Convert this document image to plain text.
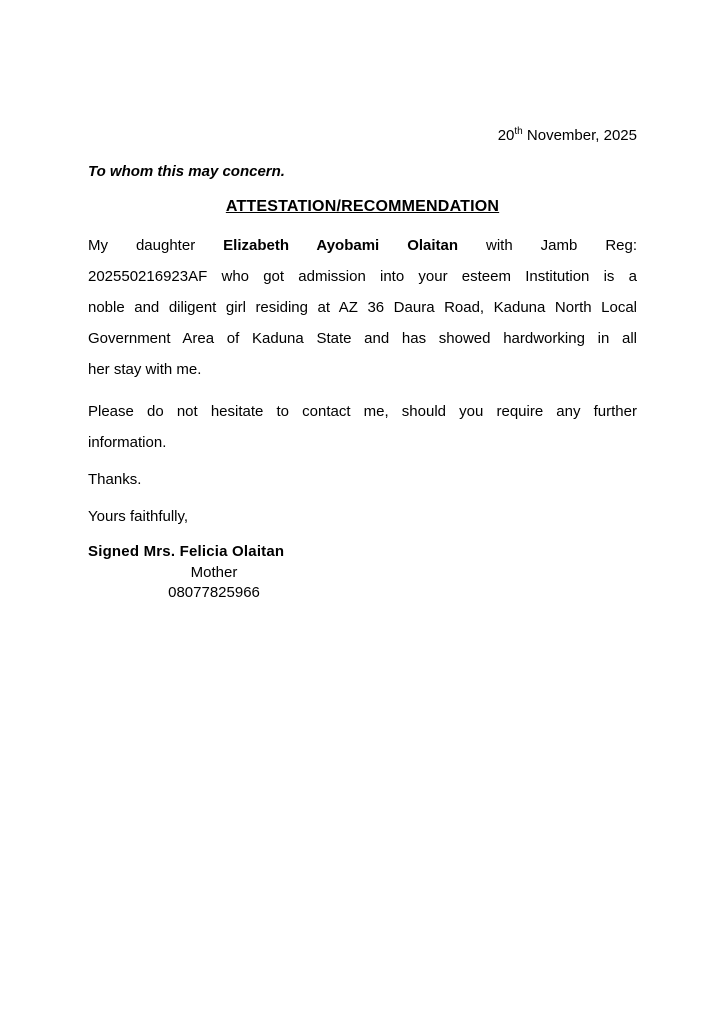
20th November, 2025
To whom this may concern.
ATTESTATION/RECOMMENDATION
My daughter Elizabeth Ayobami Olaitan with Jamb Reg:
202550216923AF who got admission into your esteem Institution is a
noble and diligent girl residing at AZ 36 Daura Road, Kaduna North Local
Government Area of Kaduna State and has showed hardworking in all
her stay with me.
Please do not hesitate to contact me, should you require any further
information.
Thanks.
Yours faithfully,
Signed Mrs. Felicia Olaitan
Mother
08077825966
